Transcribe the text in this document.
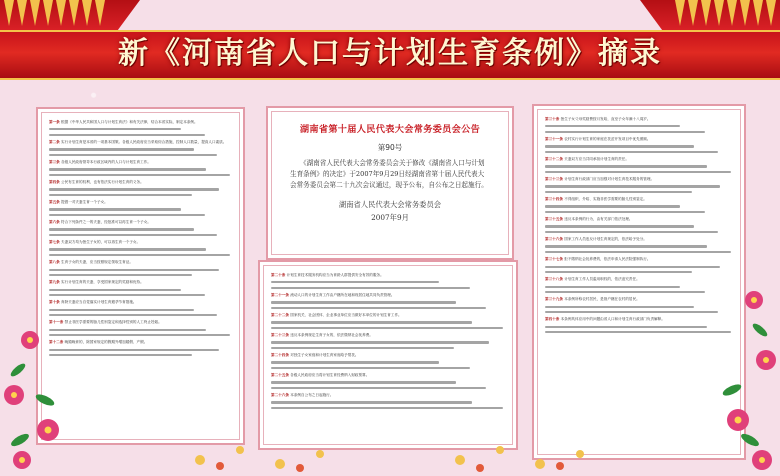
新《河南省人口与计划生育条例》摘录

第一条 根据《中华人民共和国人口与计划生育法》和有关法律，结合本省实际，制定本条例。

第二条 实行计划生育是本省的一项基本国策。各级人民政府应当采取综合措施，控制人口数量，提高人口素质。

第三条 各级人民政府领导本行政区域内的人口与计划生育工作。

第四条 公民有生育的权利，也有依法实行计划生育的义务。

第五条 提倡一对夫妻生育一个子女。

第六条 符合下列条件之一的夫妻，经批准可以再生育一个子女。

第七条 夫妻双方均为独生子女的，可以再生育一个子女。

第八条 生育子女的夫妻，应当按照规定领取生育证。

第九条 实行计划生育的夫妻，享受国家规定的奖励和优待。

第十条 育龄夫妻应当自觉落实计划生育避孕节育措施。

第十一条 禁止非医学需要的胎儿性别鉴定和选择性别的人工终止妊娠。

第十二条 晚婚晚育的，除国家规定的假期外增加婚假、产假。

湖南省第十届人民代表大会常务委员会公告
第90号
《湖南省人民代表大会常务委员会关于修改《湖南省人口与计划生育条例》的决定》于2007年9月29日经湖南省第十届人民代表大会常务委员会第二十九次会议通过，现予公布，自公布之日起施行。
湖南省人民代表大会常务委员会
2007年9月

第二十条 计划生育技术服务机构应当为育龄人群提供安全有效的服务。

第二十一条 流动人口的计划生育工作由户籍所在地和现居住地共同负责管理。

第二十二条 国家机关、社会团体、企业事业单位应当做好本单位的计划生育工作。

第二十三条 违反本条例规定生育子女的，依法缴纳社会抚养费。

第二十四条 对独生子女家庭和计划生育家庭给予帮扶。

第二十五条 各级人民政府应当将计划生育经费纳入财政预算。

第二十六条 本条例自公布之日起施行。

第三十条 独生子女父母奖励费按月发给，直至子女年满十八周岁。

第三十一条 农村实行计划生育的家庭在扶贫开发项目中优先照顾。

第三十二条 夫妻双方应当共同承担计划生育的责任。

第三十三条 计划生育行政部门应当加强对计划生育技术服务的管理。

第三十四条 不得组织、介绍、实施非医学需要的胎儿性别鉴定。

第三十五条 违反本条例的行为，由有关部门依法处理。

第三十六条 国家工作人员违反计划生育规定的，依法给予处分。

第三十七条 拒不缴纳社会抚养费的，依法申请人民法院强制执行。

第三十八条 计划生育工作人员滥用职权的，依法追究责任。

第三十九条 本条例所称农村居民，是指户籍在农村的居民。

第四十条 本条例具体应用中的问题由省人口和计划生育行政部门负责解释。
